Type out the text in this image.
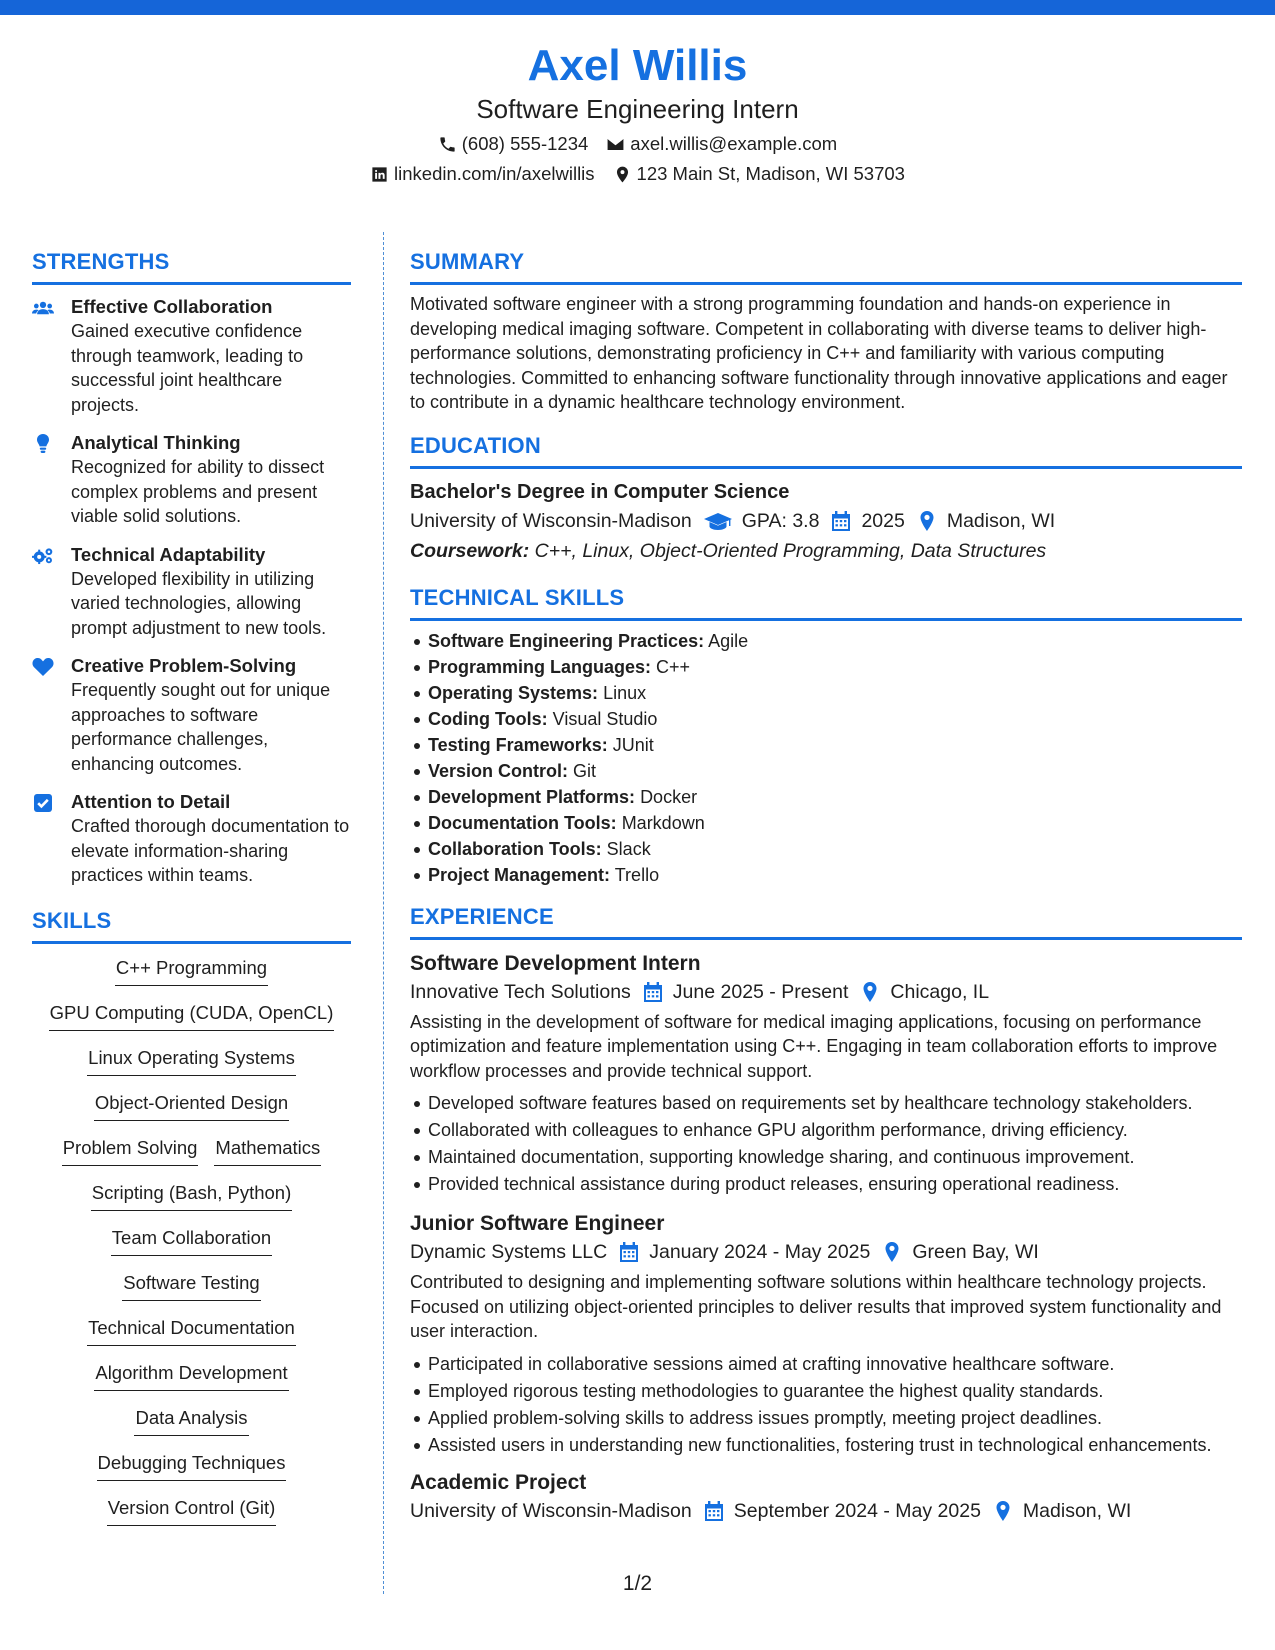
Axel Willis
Software Engineering Intern
(608) 555-1234 axel.willis@example.com
linkedin.com/in/axelwillis 123 Main St, Madison, WI 53703
STRENGTHS
Effective Collaboration
Gained executive confidence through teamwork, leading to successful joint healthcare projects.
Analytical Thinking
Recognized for ability to dissect complex problems and present viable solid solutions.
Technical Adaptability
Developed flexibility in utilizing varied technologies, allowing prompt adjustment to new tools.
Creative Problem-Solving
Frequently sought out for unique approaches to software performance challenges, enhancing outcomes.
Attention to Detail
Crafted thorough documentation to elevate information-sharing practices within teams.
SKILLS
C++ Programming
GPU Computing (CUDA, OpenCL)
Linux Operating Systems
Object-Oriented Design
Problem Solving Mathematics
Scripting (Bash, Python)
Team Collaboration
Software Testing
Technical Documentation
Algorithm Development
Data Analysis
Debugging Techniques
Version Control (Git)
SUMMARY
Motivated software engineer with a strong programming foundation and hands-on experience in developing medical imaging software. Competent in collaborating with diverse teams to deliver high-performance solutions, demonstrating proficiency in C++ and familiarity with various computing technologies. Committed to enhancing software functionality through innovative applications and eager to contribute in a dynamic healthcare technology environment.
EDUCATION
Bachelor's Degree in Computer Science
University of Wisconsin-Madison	GPA: 3.8 2025 Madison, WI
Coursework: C++, Linux, Object-Oriented Programming, Data Structures
TECHNICAL SKILLS
Software Engineering Practices: Agile
Programming Languages: C++
Operating Systems: Linux
Coding Tools: Visual Studio
Testing Frameworks: JUnit
Version Control: Git
Development Platforms: Docker
Documentation Tools: Markdown
Collaboration Tools: Slack
Project Management: Trello
EXPERIENCE
Software Development Intern
Innovative Tech Solutions June 2025 - Present Chicago, IL
Assisting in the development of software for medical imaging applications, focusing on performance optimization and feature implementation using C++. Engaging in team collaboration efforts to improve workflow processes and provide technical support.
Developed software features based on requirements set by healthcare technology stakeholders.
Collaborated with colleagues to enhance GPU algorithm performance, driving efficiency.
Maintained documentation, supporting knowledge sharing, and continuous improvement.
Provided technical assistance during product releases, ensuring operational readiness.
Junior Software Engineer
Dynamic Systems LLC January 2024 - May 2025 Green Bay, WI
Contributed to designing and implementing software solutions within healthcare technology projects. Focused on utilizing object-oriented principles to deliver results that improved system functionality and user interaction.
Participated in collaborative sessions aimed at crafting innovative healthcare software.
Employed rigorous testing methodologies to guarantee the highest quality standards.
Applied problem-solving skills to address issues promptly, meeting project deadlines.
Assisted users in understanding new functionalities, fostering trust in technological enhancements.
Academic Project
University of Wisconsin-Madison September 2024 - May 2025 Madison, WI
1/2
